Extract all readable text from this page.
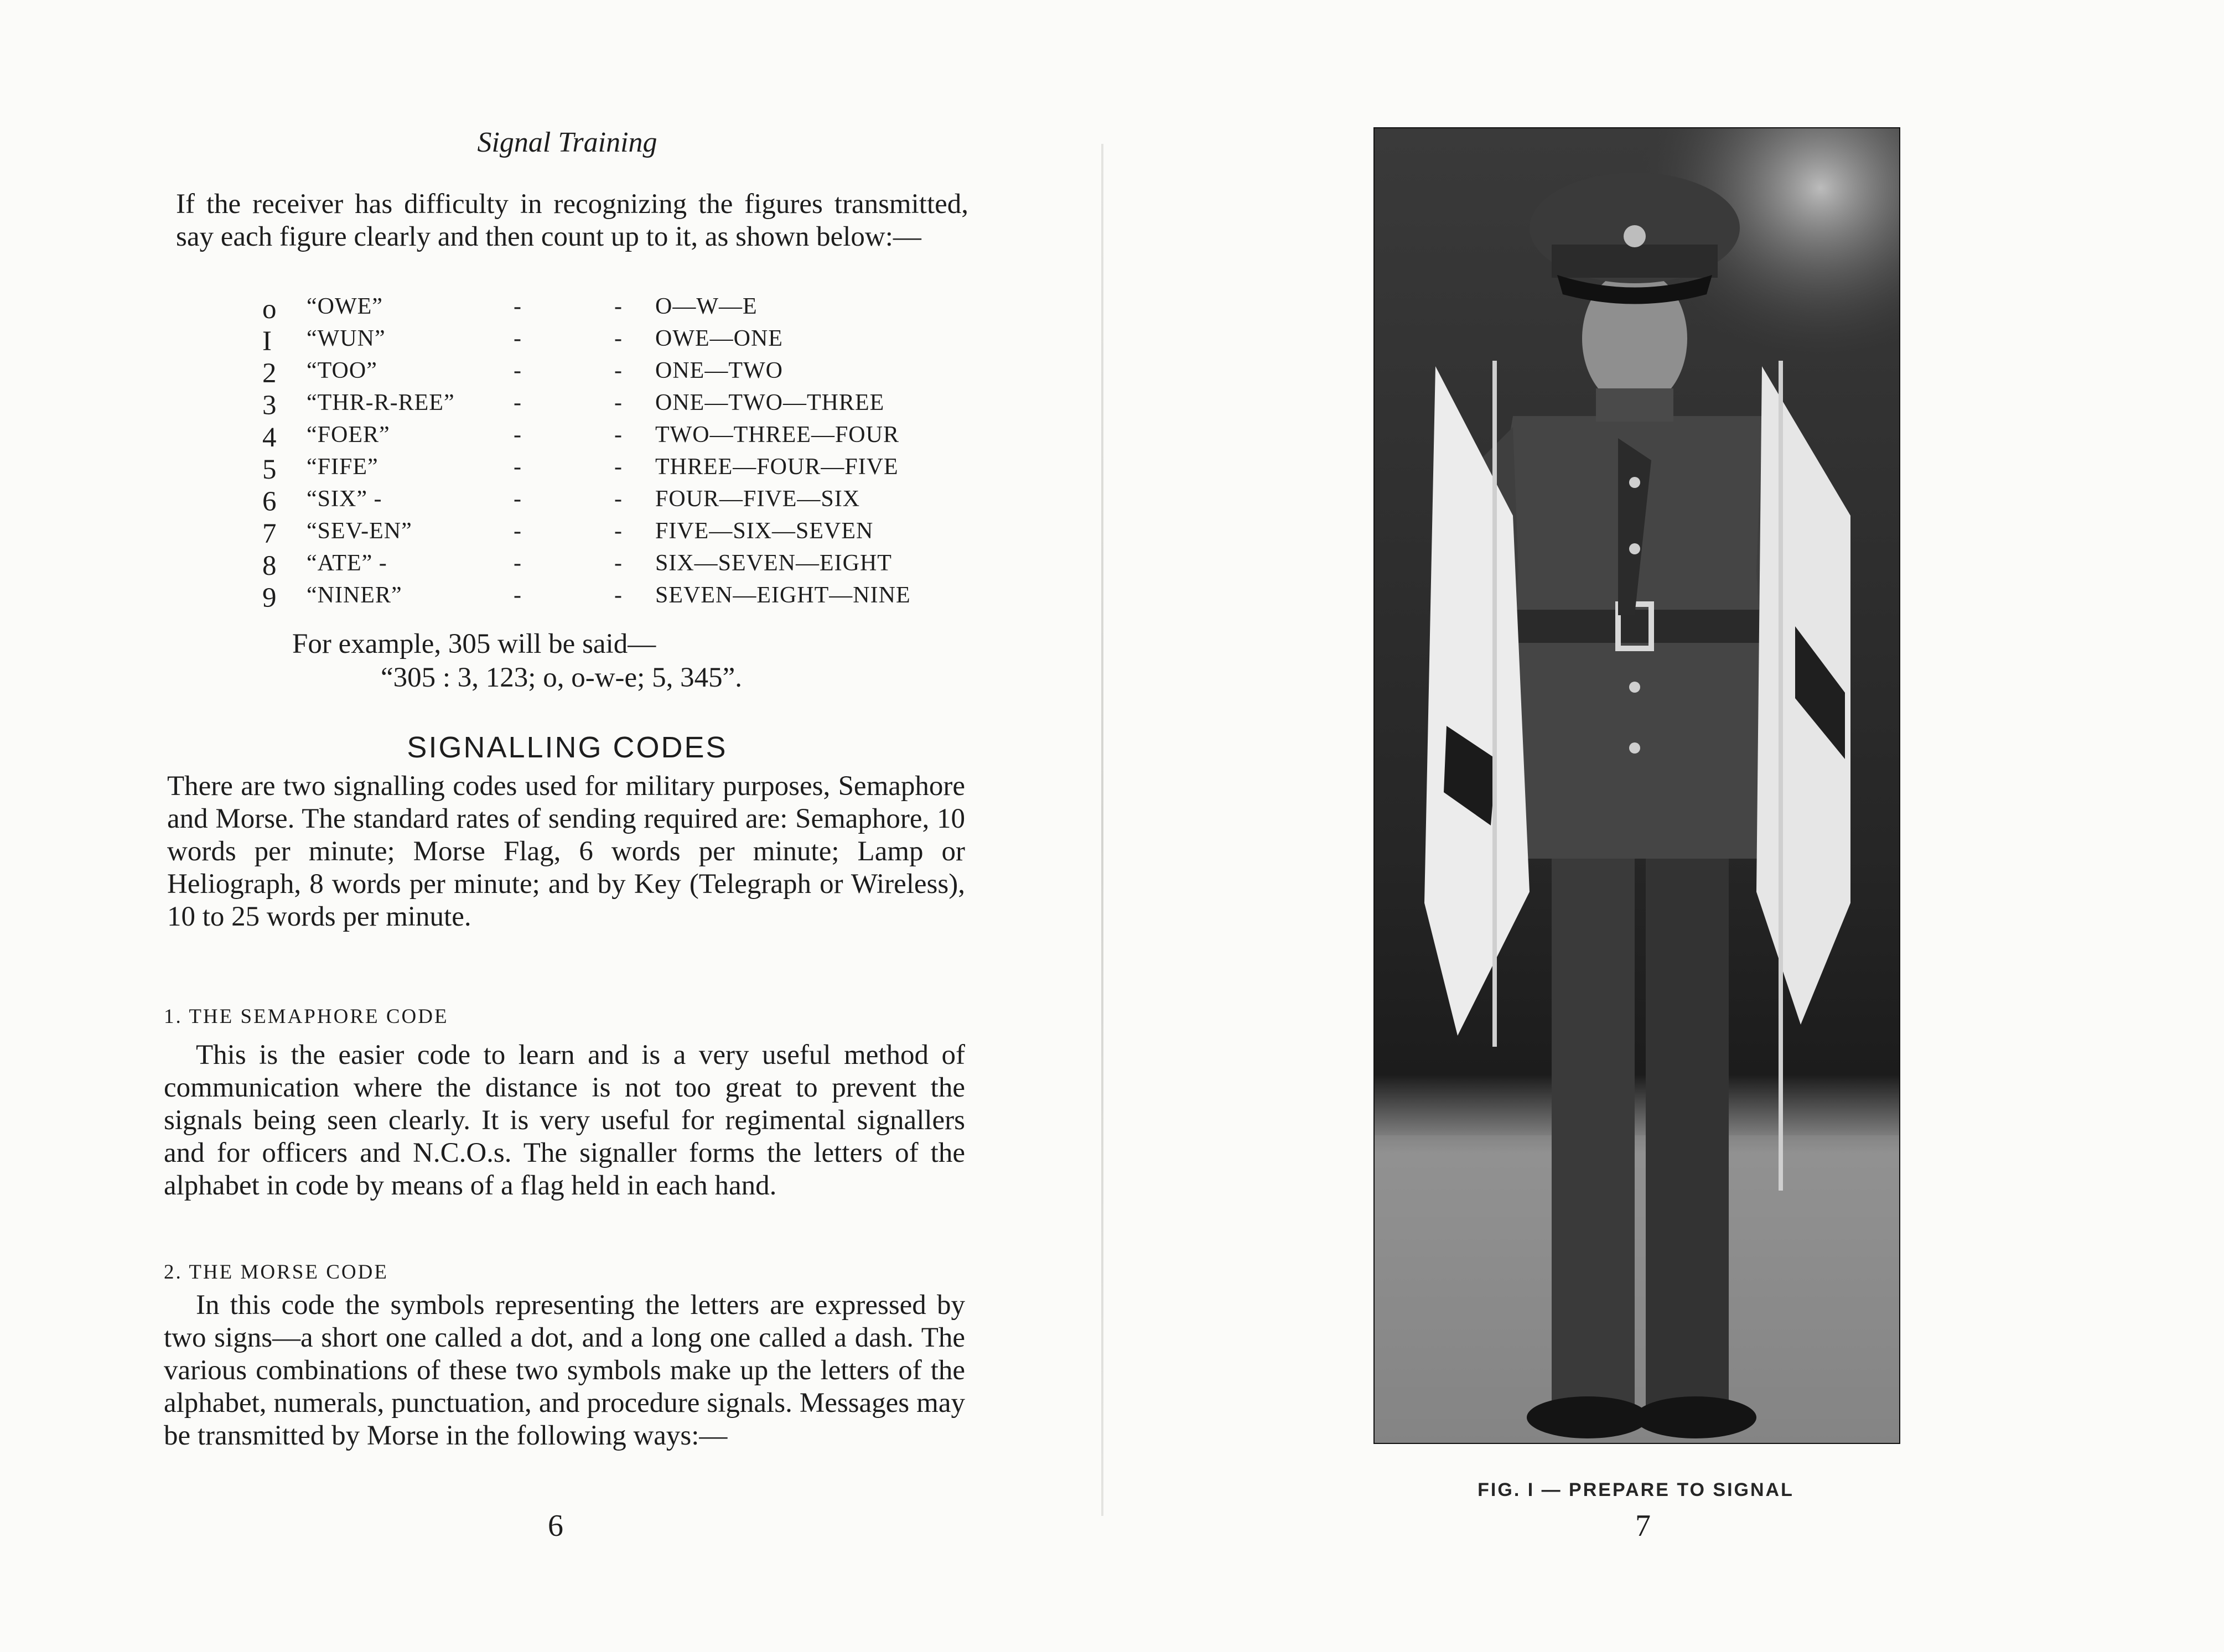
Signal Training

If the receiver has difficulty in recognizing the figures transmitted, say each figure clearly and then count up to it, as shown below:—

o “OWE”	-	- O—W—E
I “WUN”	-	- OWE—ONE
2 “TOO”	-	- ONE—TWO
3 “THR-R-REE”	-	- ONE—TWO—THREE
4 “FOER”	-	- TWO—THREE—FOUR
5 “FIFE”	-	- THREE—FOUR—FIVE
6 “SIX” -	-	- FOUR—FIVE—SIX
7 “SEV-EN”	-	- FIVE—SIX—SEVEN
8 “ATE” -	-	- SIX—SEVEN—EIGHT
9 “NINER”	-	- SEVEN—EIGHT—NINE
For example, 305 will be said—
“305 : 3, 123; o, o-w-e; 5, 345”.
SIGNALLING CODES

There are two signalling codes used for military purposes, Semaphore and Morse. The standard rates of sending required are: Semaphore, 10 words per minute; Morse Flag, 6 words per minute; Lamp or Heliograph, 8 words per minute; and by Key (Telegraph or Wireless), 10 to 25 words per minute.

1. THE SEMAPHORE CODE

This is the easier code to learn and is a very useful method of communication where the distance is not too great to prevent the signals being seen clearly. It is very useful for regimental signallers and for officers and N.C.O.s. The signaller forms the letters of the alphabet in code by means of a flag held in each hand.

2. THE MORSE CODE

In this code the symbols representing the letters are expressed by two signs—a short one called a dot, and a long one called a dash. The various combinations of these two symbols make up the letters of the alphabet, numerals, punctuation, and procedure signals. Messages may be transmitted by Morse in the following ways:—

6
FIG. I — PREPARE TO SIGNAL
7
